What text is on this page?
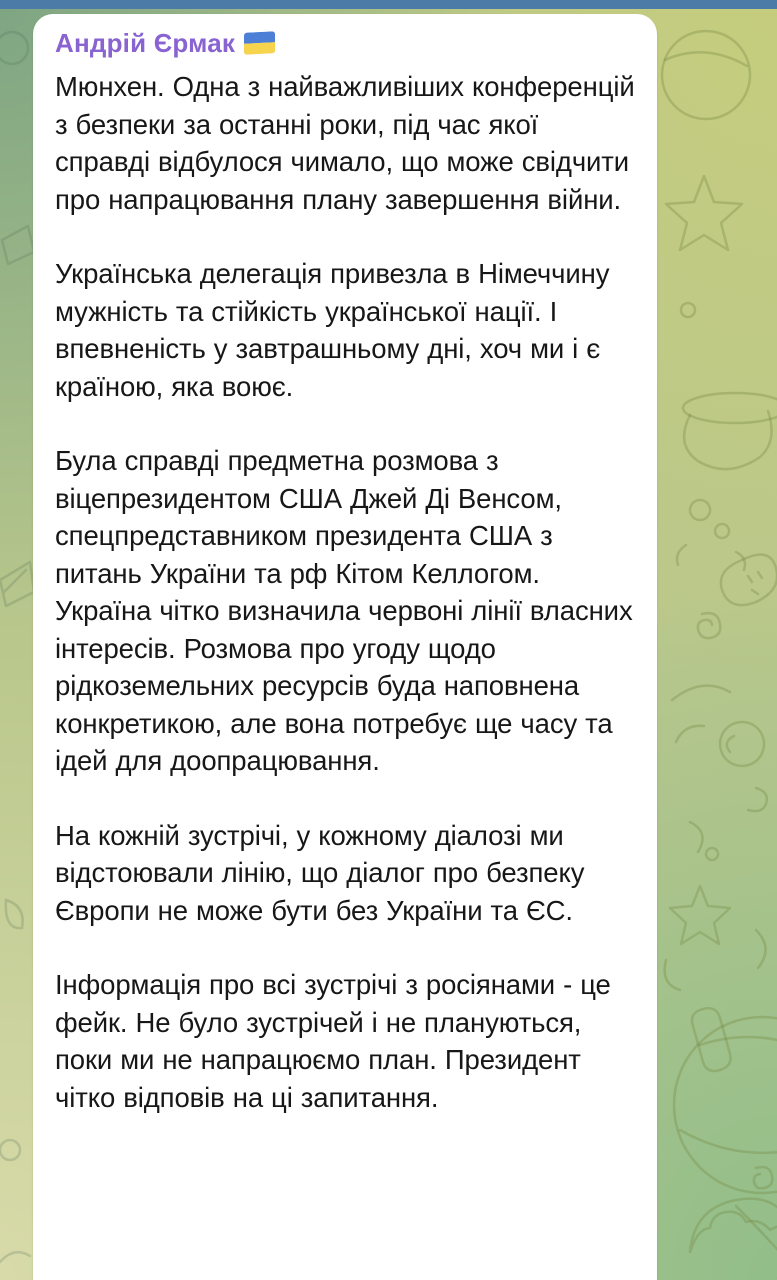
Андрій Єрмак

Мюнхен. Одна з найважливіших конференцій з безпеки за останні роки, під час якої справді відбулося чимало, що може свідчити про напрацювання плану завершення війни.

Українська делегація привезла в Німеччину мужність та стійкість української нації. І впевненість у завтрашньому дні, хоч ми і є країною, яка воює.

Була справді предметна розмова з віцепрезидентом США Джей Ді Венсом, спецпредставником президента США з питань України та рф Кітом Келлогом. Україна чітко визначила червоні лінії власних інтересів. Розмова про угоду щодо рідкоземельних ресурсів буда наповнена конкретикою, але вона потребує ще часу та ідей для доопрацювання.

На кожній зустрічі, у кожному діалозі ми відстоювали лінію, що діалог про безпеку Європи не може бути без України та ЄС.

Інформація про всі зустрічі з росіянами - це фейк. Не було зустрічей і не плануються, поки ми не напрацюємо план. Президент чітко відповів на ці запитання.
